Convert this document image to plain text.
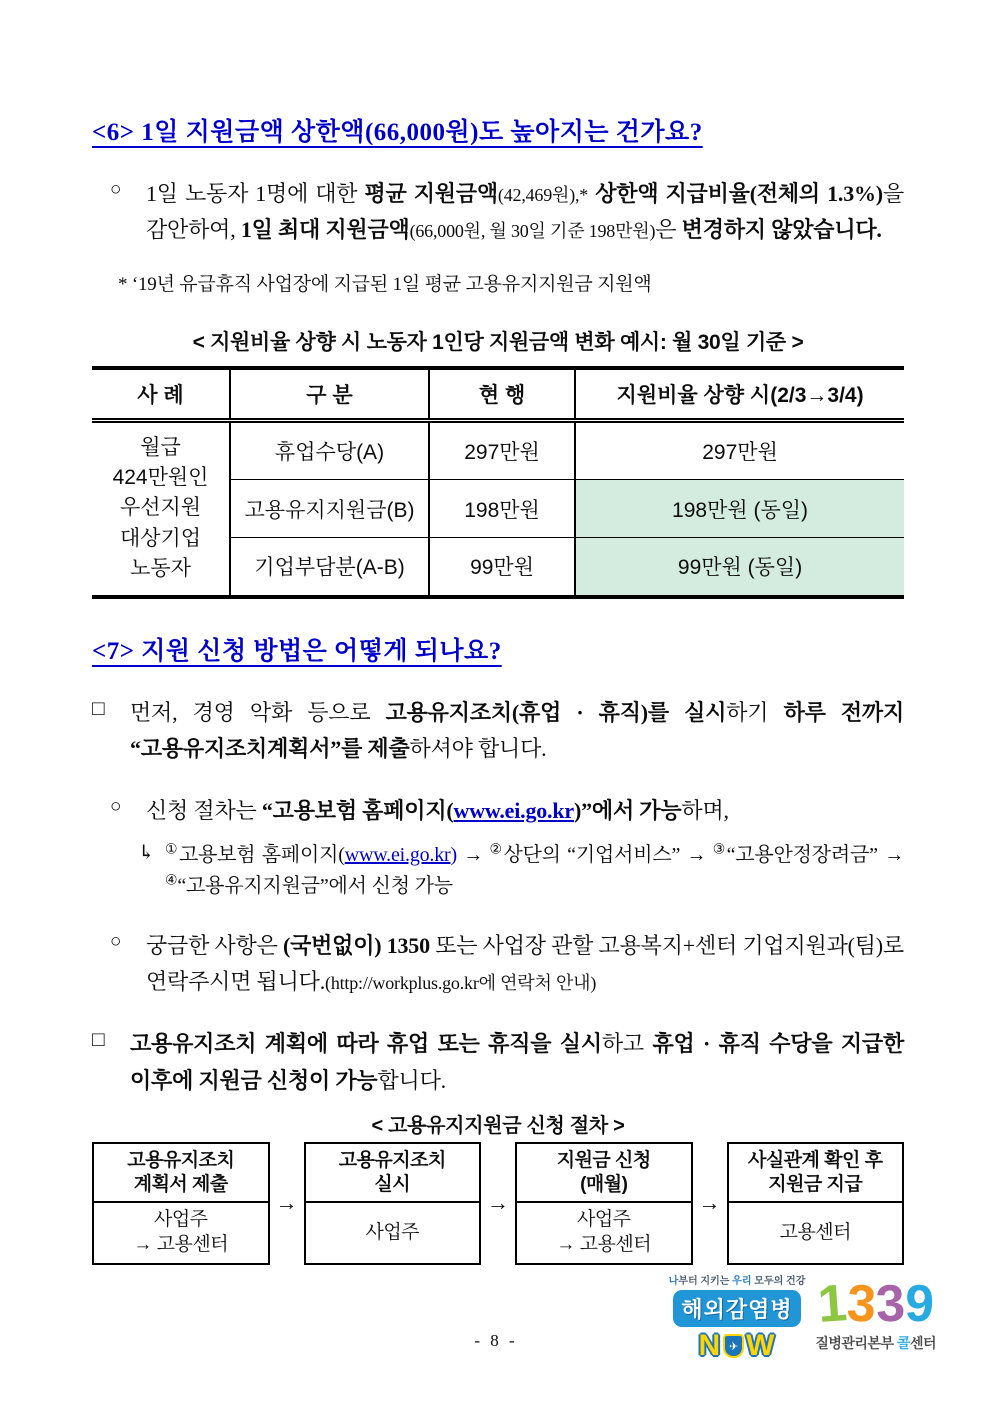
<6> 1일 지원금액 상한액(66,000원)도 높아지는 건가요?
○	1일 노동자 1명에 대한 평균 지원금액(42,469원),* 상한액 지급비율(전체의 1.3%)을 감안하여, 1일 최대 지원금액(66,000원, 월 30일 기준 198만원)은 변경하지 않았습니다.
* ‘19년 유급휴직 사업장에 지급된 1일 평균 고용유지지원금 지원액
< 지원비율 상향 시 노동자 1인당 지원금액 변화 예시: 월 30일 기준 >
사 례	구 분	현 행	지원비율 상향 시(2/3→3/4)

월급
424만원인
우선지원
대상기업
노동자	휴업수당(A)	297만원	297만원
	고용유지지원금(B)	198만원	198만원 (동일)
	기업부담분(A-B)	99만원	99만원 (동일)
<7> 지원 신청 방법은 어떻게 되나요?
□	먼저, 경영 악화 등으로 고용유지조치(휴업 · 휴직)를 실시하기 하루 전까지 “고용유지조치계획서”를 제출하셔야 합니다.
○	신청 절차는 “고용보험 홈페이지(www.ei.go.kr)”에서 가능하며,
↳ ①고용보험 홈페이지(www.ei.go.kr) → ②상단의 “기업서비스” → ③“고용안정장려금” → ④“고용유지지원금”에서 신청 가능
○	궁금한 사항은 (국번없이) 1350 또는 사업장 관할 고용복지+센터 기업지원과(팀)로 연락주시면 됩니다.(http://workplus.go.kr에 연락처 안내)
□	고용유지조치 계획에 따라 휴업 또는 휴직을 실시하고 휴업 · 휴직 수당을 지급한 이후에 지원금 신청이 가능합니다.
< 고용유지지원금 신청 절차 >
고용유지조치
계획서 제출
사업주
→ 고용센터
→
고용유지조치
실시
사업주
→
지원금 신청
(매월)
사업주
→ 고용센터
→
사실관계 확인 후
지원금 지급
고용센터
- 8 -
나부터 지키는 우리 모두의 건강
해외감염병
N ✈ W
1
3
3
9
질병관리본부 콜센터
